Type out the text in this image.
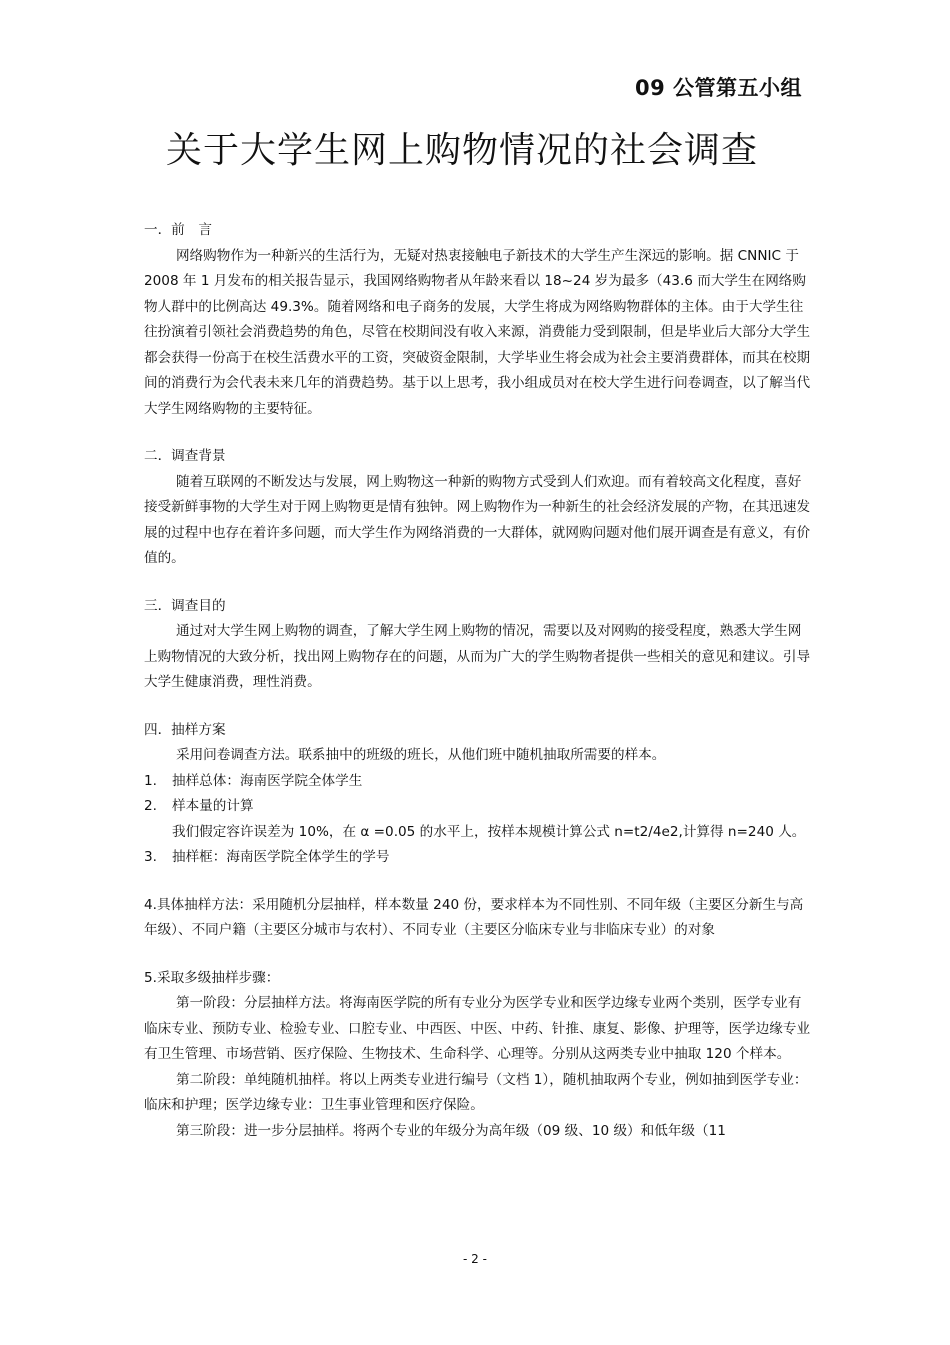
09 公管第五小组
关于大学生网上购物情况的社会调查

一．前　言

网络购物作为一种新兴的生活行为，无疑对热衷接触电子新技术的大学生产生深远的影响。据 CNNIC 于 2008 年 1 月发布的相关报告显示，我国网络购物者从年龄来看以 18~24 岁为最多（43.6 而大学生在网络购物人群中的比例高达 49.3%。随着网络和电子商务的发展，大学生将成为网络购物群体的主体。由于大学生往往扮演着引领社会消费趋势的角色，尽管在校期间没有收入来源，消费能力受到限制，但是毕业后大部分大学生都会获得一份高于在校生活费水平的工资，突破资金限制，大学毕业生将会成为社会主要消费群体，而其在校期间的消费行为会代表未来几年的消费趋势。基于以上思考，我小组成员对在校大学生进行问卷调查，以了解当代大学生网络购物的主要特征。

二．调查背景

随着互联网的不断发达与发展，网上购物这一种新的购物方式受到人们欢迎。而有着较高文化程度，喜好接受新鲜事物的大学生对于网上购物更是情有独钟。网上购物作为一种新生的社会经济发展的产物，在其迅速发展的过程中也存在着许多问题，而大学生作为网络消费的一大群体，就网购问题对他们展开调查是有意义，有价值的。

三．调查目的

通过对大学生网上购物的调查，了解大学生网上购物的情况，需要以及对网购的接受程度，熟悉大学生网上购物情况的大致分析，找出网上购物存在的问题，从而为广大的学生购物者提供一些相关的意见和建议。引导大学生健康消费，理性消费。

四．抽样方案

采用问卷调查方法。联系抽中的班级的班长，从他们班中随机抽取所需要的样本。

1.	抽样总体：海南医学院全体学生
2.	样本量的计算

我们假定容许误差为 10%，在 α =0.05 的水平上，按样本规模计算公式 n=t2/4e2,计算得 n=240 人。

3.	抽样框：海南医学院全体学生的学号

4.具体抽样方法：采用随机分层抽样，样本数量 240 份，要求样本为不同性别、不同年级（主要区分新生与高年级）、不同户籍（主要区分城市与农村）、不同专业（主要区分临床专业与非临床专业）的对象

5.采取多级抽样步骤：

第一阶段：分层抽样方法。将海南医学院的所有专业分为医学专业和医学边缘专业两个类别，医学专业有临床专业、预防专业、检验专业、口腔专业、中西医、中医、中药、针推、康复、影像、护理等，医学边缘专业有卫生管理、市场营销、医疗保险、生物技术、生命科学、心理等。分别从这两类专业中抽取 120 个样本。

第二阶段：单纯随机抽样。将以上两类专业进行编号（文档 1），随机抽取两个专业，例如抽到医学专业：临床和护理；医学边缘专业：卫生事业管理和医疗保险。

第三阶段：进一步分层抽样。将两个专业的年级分为高年级（09 级、10 级）和低年级（11

- 2 -
